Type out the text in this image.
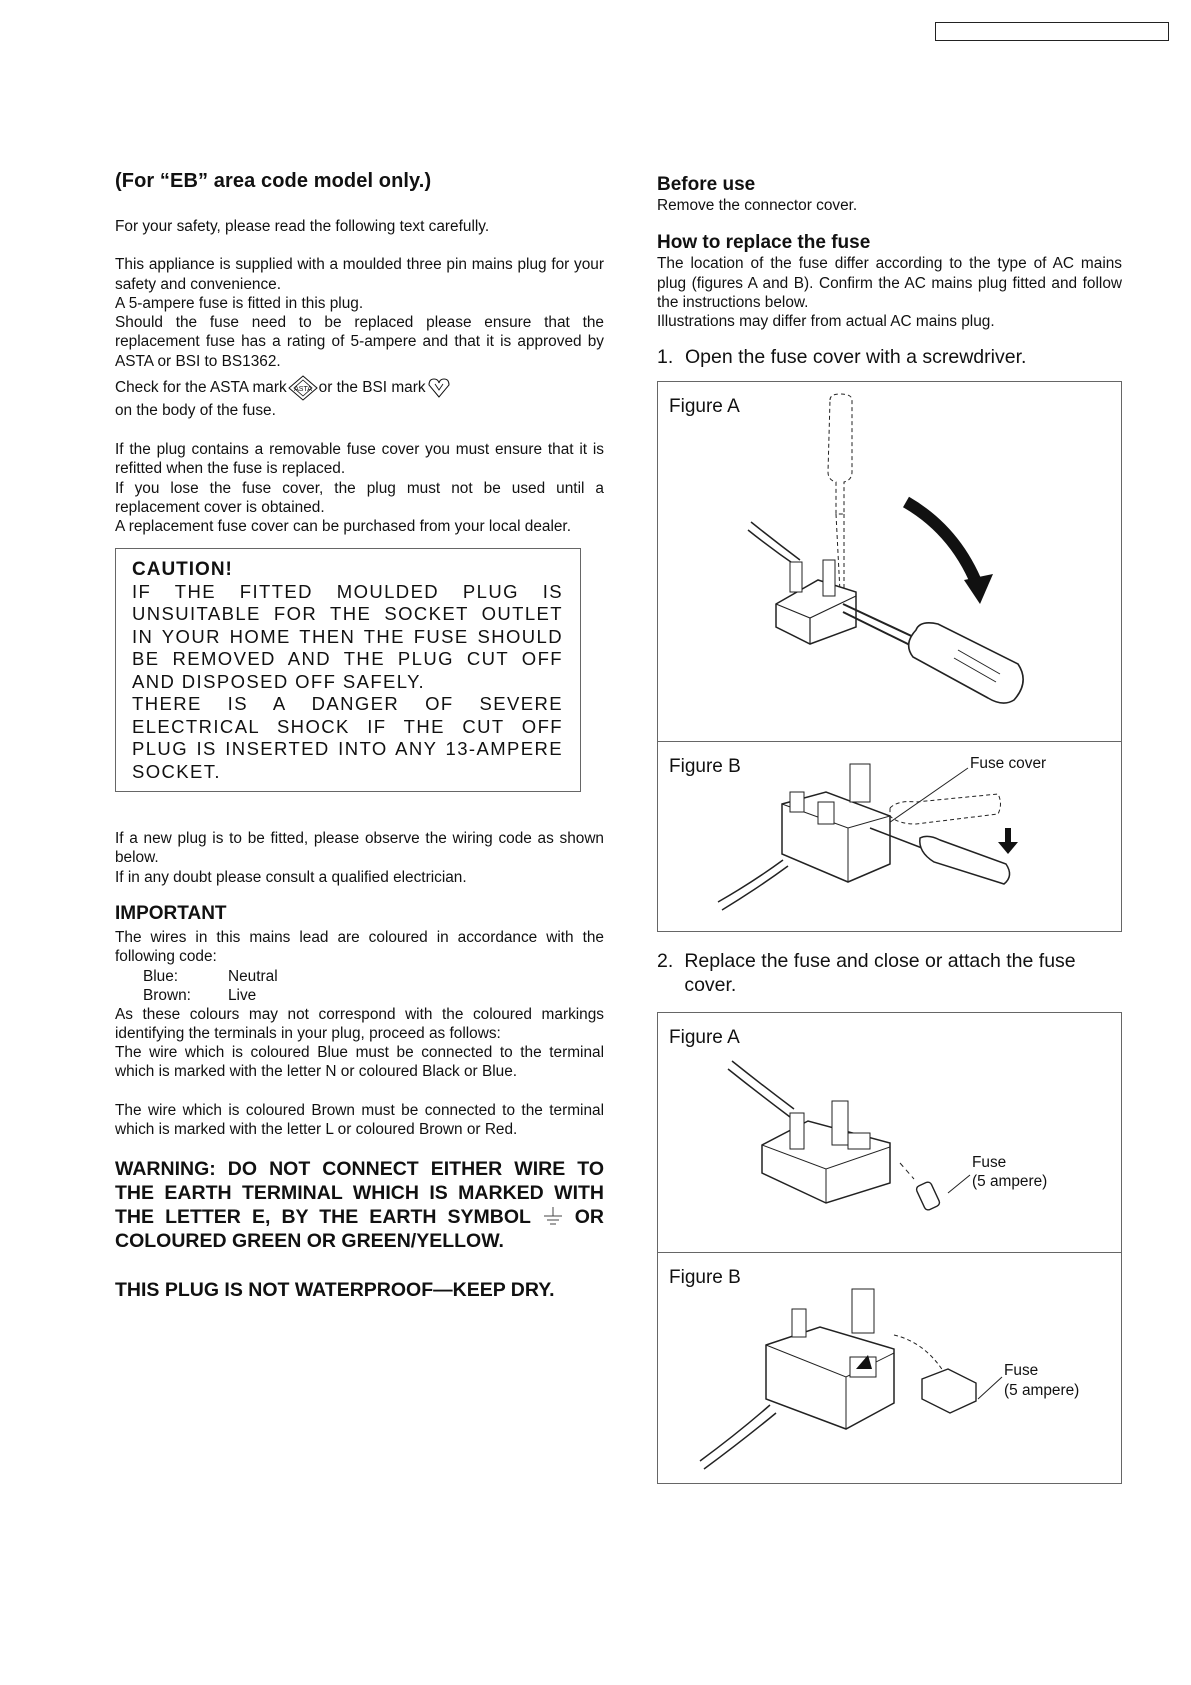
(For “EB” area code model only.)

For your safety, please read the following text carefully.

This appliance is supplied with a moulded three pin mains plug for your safety and convenience.

A 5-ampere fuse is fitted in this plug.

Should the fuse need to be replaced please ensure that the replacement fuse has a rating of 5-ampere and that it is approved by ASTA or BSI to BS1362.

Check for the ASTA mark

ASTA

or the BSI mark

on the body of the fuse.

If the plug contains a removable fuse cover you must ensure that it is refitted when the fuse is replaced.

If you lose the fuse cover, the plug must not be used until a replacement cover is obtained.

A replacement fuse cover can be purchased from your local dealer.

CAUTION!
IF THE FITTED MOULDED PLUG IS UNSUITABLE FOR THE SOCKET OUTLET IN YOUR HOME THEN THE FUSE SHOULD BE REMOVED AND THE PLUG CUT OFF AND DISPOSED OFF SAFELY.
THERE IS A DANGER OF SEVERE ELECTRICAL SHOCK IF THE CUT OFF PLUG IS INSERTED INTO ANY 13-AMPERE SOCKET.

If a new plug is to be fitted, please observe the wiring code as shown below.

If in any doubt please consult a qualified electrician.

IMPORTANT

The wires in this mains lead are coloured in accordance with the following code:

Blue:	Neutral
Brown:	Live

As these colours may not correspond with the coloured markings identifying the terminals in your plug, proceed as follows:

The wire which is coloured Blue must be connected to the terminal which is marked with the letter N or coloured Black or Blue.

The wire which is coloured Brown must be connected to the terminal which is marked with the letter L or coloured Brown or Red.

WARNING: DO NOT CONNECT EITHER WIRE TO THE EARTH TERMINAL WHICH IS MARKED WITH THE LETTER E, BY THE EARTH SYMBOL OR COLOURED GREEN OR GREEN/YELLOW.
THIS PLUG IS NOT WATERPROOF—KEEP DRY.
Before use

Remove the connector cover.

How to replace the fuse

The location of the fuse differ according to the type of AC mains plug (figures A and B). Confirm the AC mains plug fitted and follow the instructions below.

Illustrations may differ from actual AC mains plug.

1. Open the fuse cover with a screwdriver.
Figure A
Figure B	Fuse cover
2. Replace the fuse and close or attach the fuse cover.
Figure A
Fuse
(5 ampere)
Figure B
Fuse
(5 ampere)
